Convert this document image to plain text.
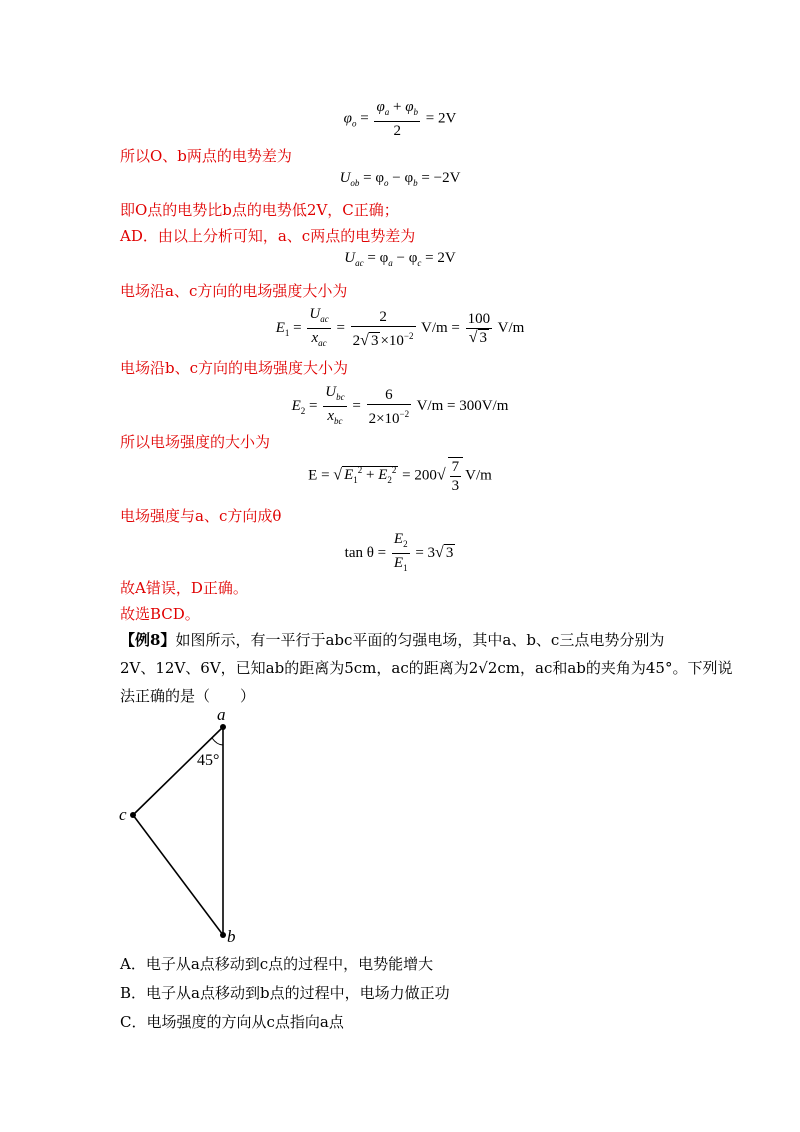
$\varphi_o = \frac{\varphi_a + \varphi_b}{2} = 2V$
所以O、b两点的电势差为
$U_{ob} = \varphi_o - \varphi_b = -2V$
即O点的电势比b点的电势低2V，C正确；
AD．由以上分析可知，a、c两点的电势差为
$U_{ac} = \varphi_a - \varphi_c = 2V$
电场沿a、c方向的电场强度大小为
$E_1 = \frac{U_{ac}}{x_{ac}} = \frac{2}{2√ 3 \times 10^{-2}} V/m = \frac{100}{√ 3} V/m$
电场沿b、c方向的电场强度大小为
$E_2 = \frac{U_{bc}}{x_{bc}} = \frac{6}{2\times 10^{-2}} V/m = 300V/m$
所以电场强度的大小为
E = √ $E_1^2 + E_2^2 = 200√ \frac{7}{3} V/m$
电场强度与a、c方向成θ
$\tan \theta = \frac{E_2}{E_1} = 3√$ 3
故A错误，D正确。
故选BCD。
【例8】如图所示，有一平行于abc平面的匀强电场，其中a、b、c三点电势分别为
2V、12V、6V，已知ab的距离为5cm，ac的距离为2√2cm，ac和ab的夹角为45°。下列说
法正确的是（　　）
a
c
b
45°
A．电子从a点移动到c点的过程中，电势能增大
B．电子从a点移动到b点的过程中，电场力做正功
C．电场强度的方向从c点指向a点
